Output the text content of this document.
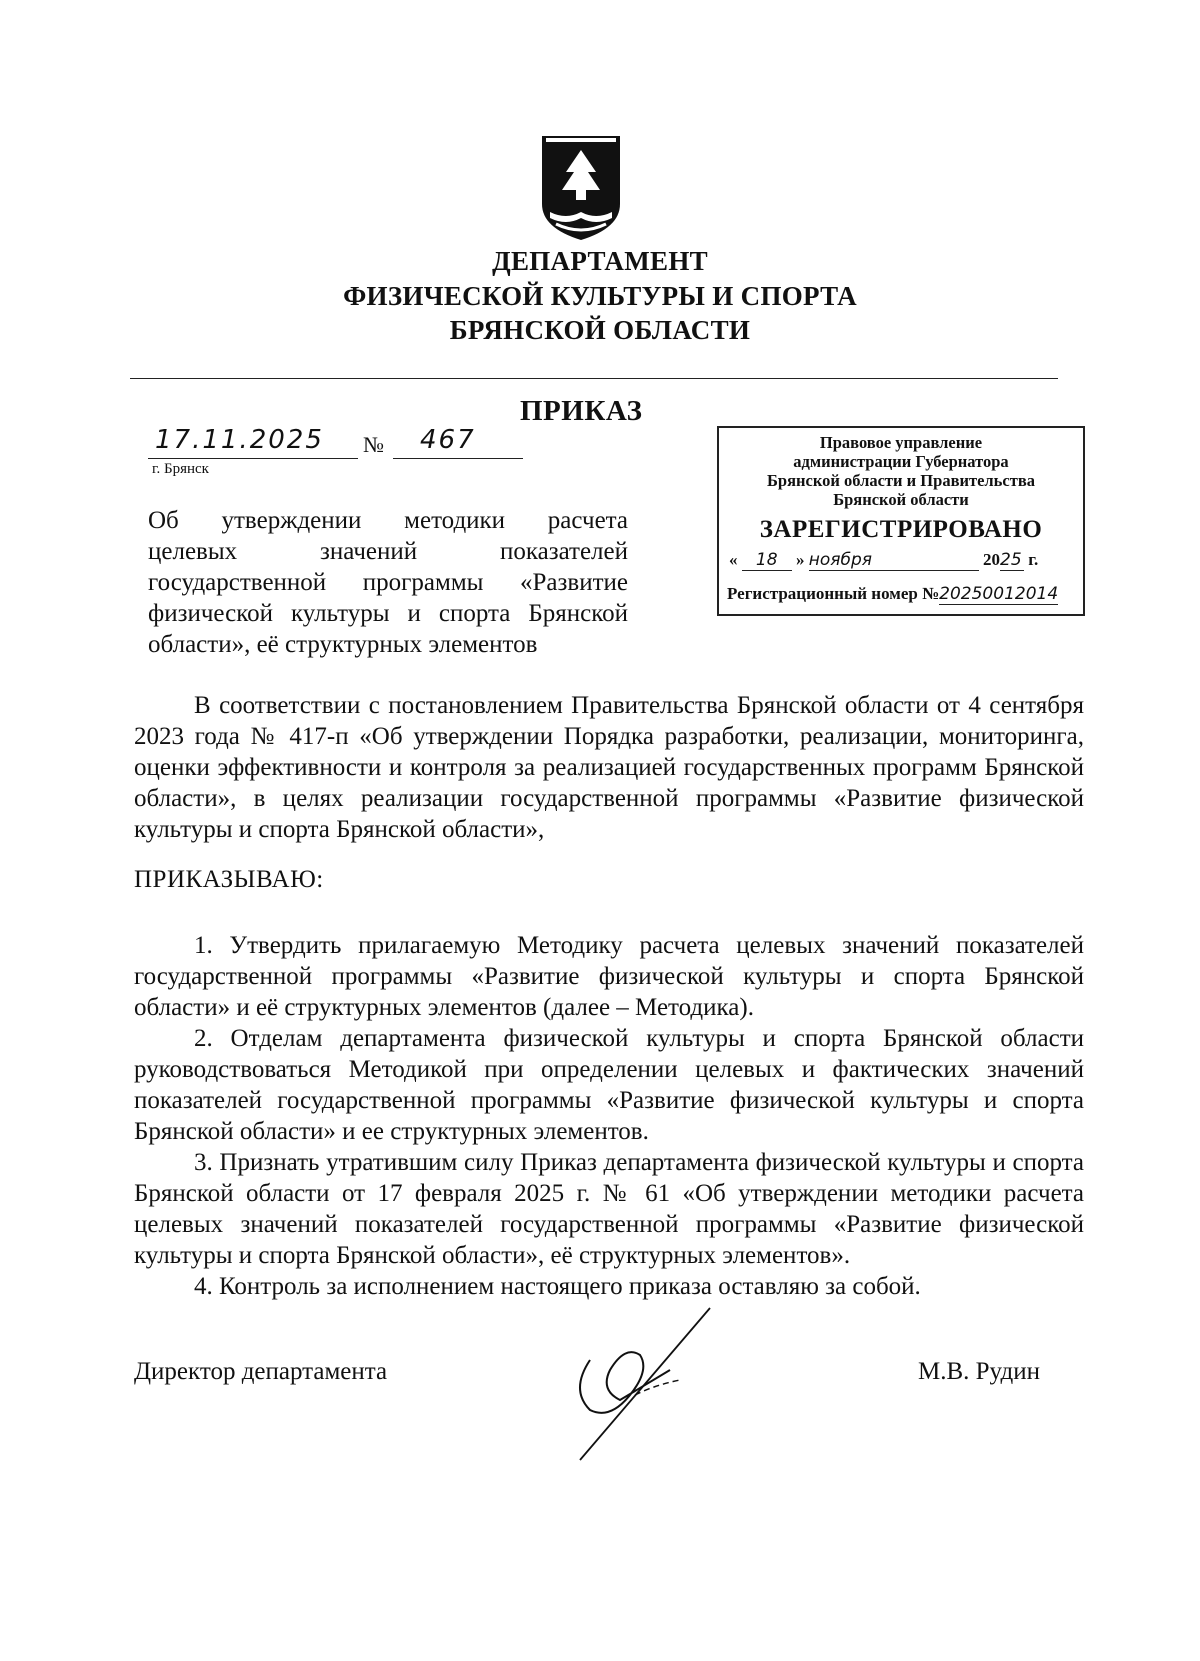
ДЕПАРТАМЕНТ
ФИЗИЧЕСКОЙ КУЛЬТУРЫ И СПОРТА
БРЯНСКОЙ ОБЛАСТИ
ПРИКАЗ
17.11.2025 № 467
г. Брянск
Об утверждении методики расчета
целевых значений показателей
государственной программы «Развитие
физической культуры и спорта Брянской
области», её структурных элементов
Правовое управление
администрации Губернатора
Брянской области и Правительства
Брянской области
ЗАРЕГИСТРИРОВАНО
« 18 » ноября	2025 г.
Регистрационный номер №20250012014
В соответствии с постановлением Правительства Брянской области от 4 сентября 2023 года № 417-п «Об утверждении Порядка разработки, реализации, мониторинга, оценки эффективности и контроля за реализацией государственных программ Брянской области», в целях реализации государственной программы «Развитие физической культуры и спорта Брянской области»,
ПРИКАЗЫВАЮ:
1. Утвердить прилагаемую Методику расчета целевых значений показателей государственной программы «Развитие физической культуры и спорта Брянской области» и её структурных элементов (далее – Методика).
2. Отделам департамента физической культуры и спорта Брянской области руководствоваться Методикой при определении целевых и фактических значений показателей государственной программы «Развитие физической культуры и спорта Брянской области» и ее структурных элементов.
3. Признать утратившим силу Приказ департамента физической культуры и спорта Брянской области от 17 февраля 2025 г. № 61 «Об утверждении методики расчета целевых значений показателей государственной программы «Развитие физической культуры и спорта Брянской области», её структурных элементов».
4. Контроль за исполнением настоящего приказа оставляю за собой.
Директор департамента	М.В. Рудин
